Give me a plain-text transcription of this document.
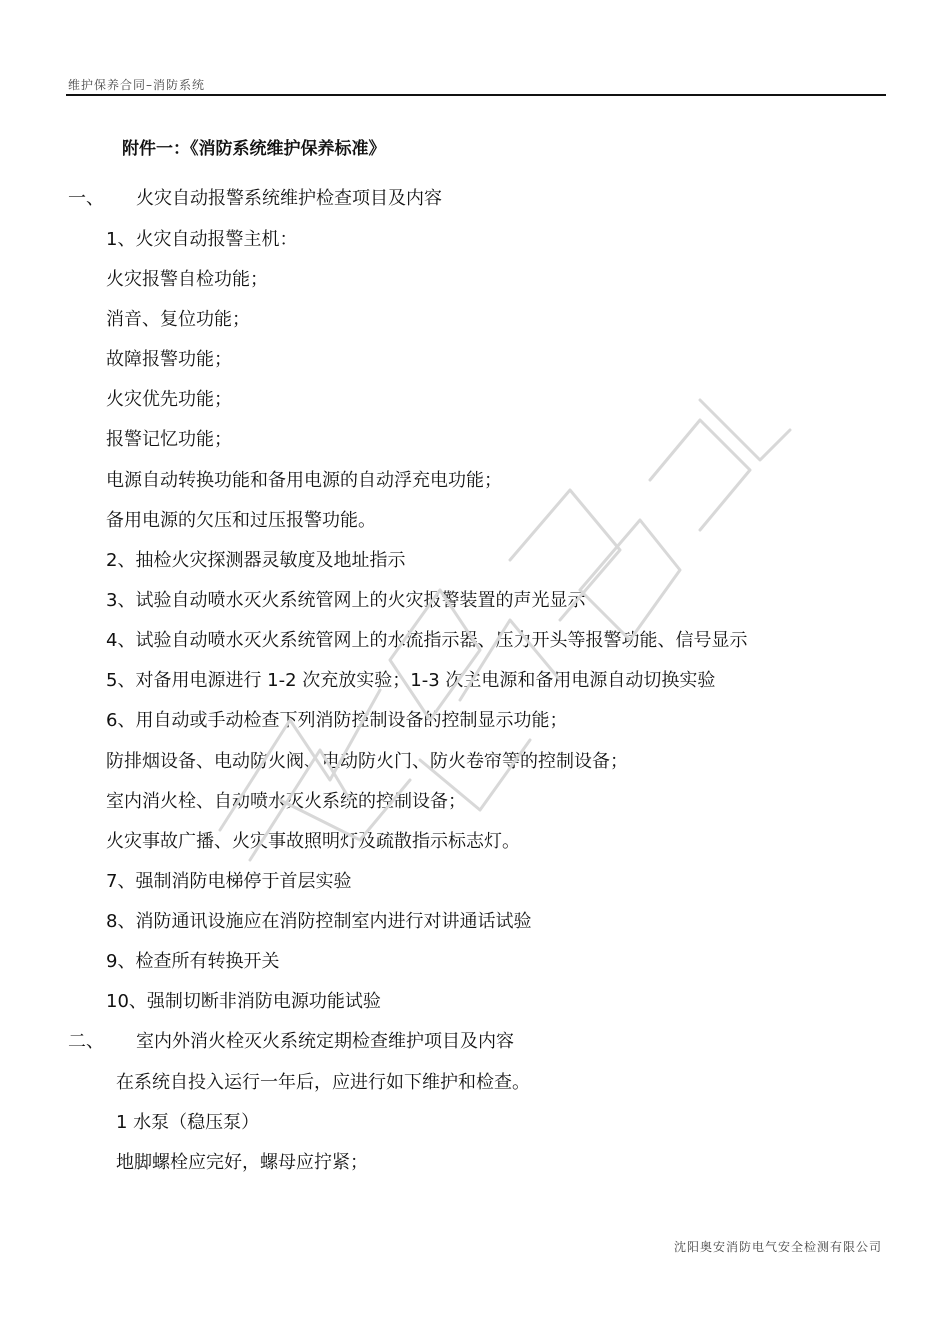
维护保养合同–消防系统
附件一：《消防系统维护保养标准》
一、 火灾自动报警系统维护检查项目及内容
1、火灾自动报警主机：
火灾报警自检功能；
消音、复位功能；
故障报警功能；
火灾优先功能；
报警记忆功能；
电源自动转换功能和备用电源的自动浮充电功能；
备用电源的欠压和过压报警功能。
2、抽检火灾探测器灵敏度及地址指示
3、试验自动喷水灭火系统管网上的火灾报警装置的声光显示
4、试验自动喷水灭火系统管网上的水流指示器、压力开头等报警功能、信号显示
5、对备用电源进行 1-2 次充放实验；1-3 次主电源和备用电源自动切换实验
6、用自动或手动检查下列消防控制设备的控制显示功能；
防排烟设备、电动防火阀、电动防火门、防火卷帘等的控制设备；
室内消火栓、自动喷水灭火系统的控制设备；
火灾事故广播、火灾事故照明灯及疏散指示标志灯。
7、强制消防电梯停于首层实验
8、消防通讯设施应在消防控制室内进行对讲通话试验
9、检查所有转换开关
10、强制切断非消防电源功能试验
二、 室内外消火栓灭火系统定期检查维护项目及内容
在系统自投入运行一年后，应进行如下维护和检查。
1 水泵（稳压泵）
地脚螺栓应完好，螺母应拧紧；
沈阳奥安消防电气安全检测有限公司
